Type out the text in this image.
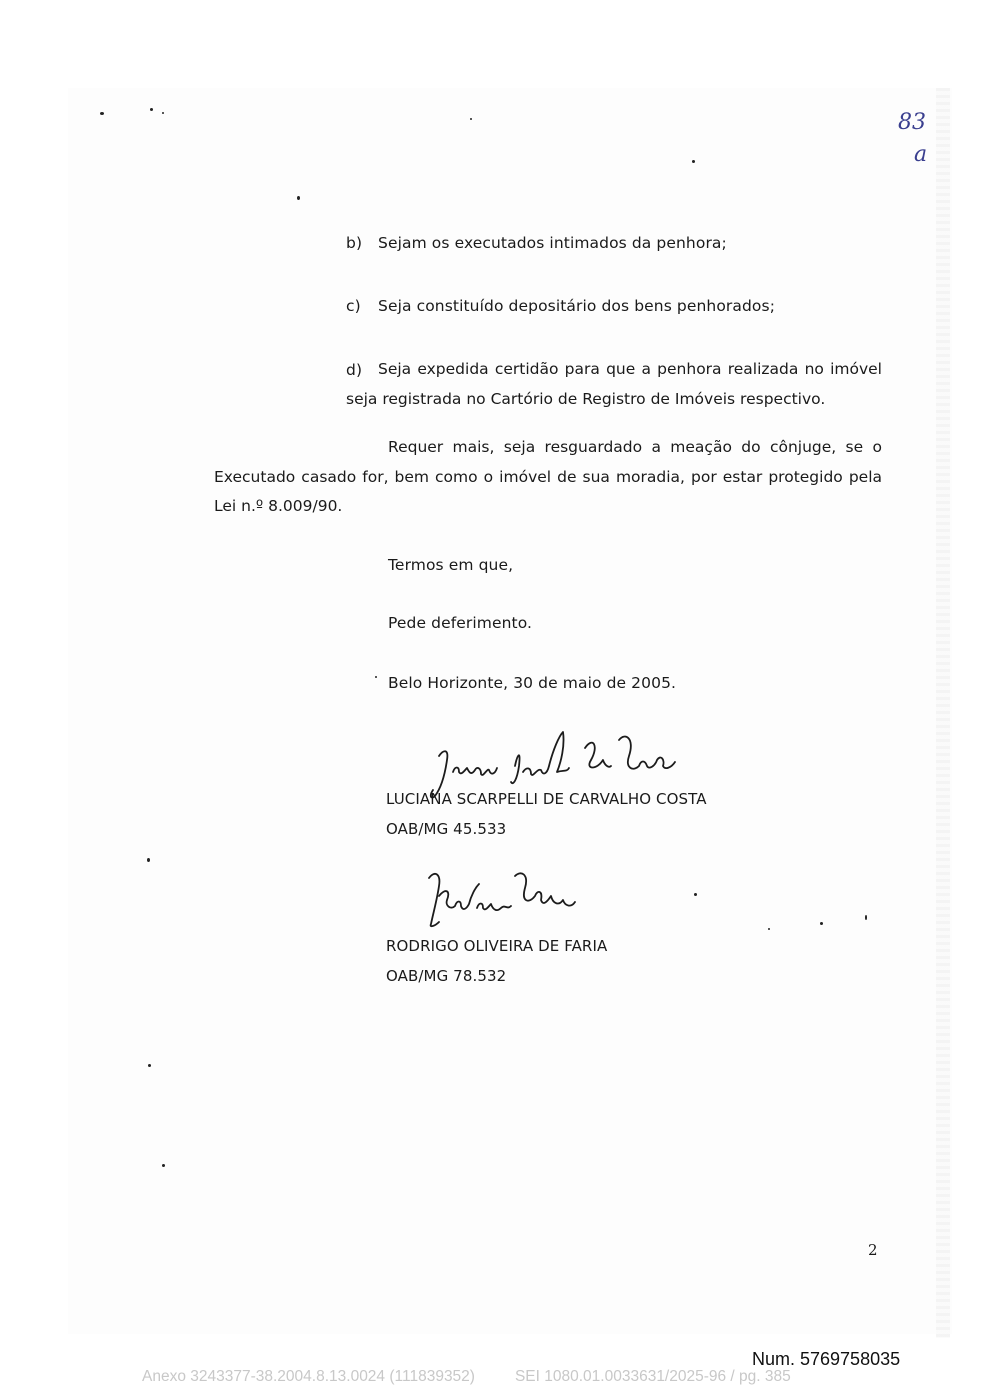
83
a
b) Sejam os executados intimados da penhora;
c) Seja constituído depositário dos bens penhorados;
d)	Seja expedida certidão para que a penhora realizada no imóvel
seja registrada no Cartório de Registro de Imóveis respectivo.
Requer mais, seja resguardado a meação do cônjuge, se o
Executado casado for, bem como o imóvel de sua moradia, por estar protegido pela
Lei n.º 8.009/90.
Termos em que,
Pede deferimento.
Belo Horizonte, 30 de maio de 2005.
LUCIANA SCARPELLI DE CARVALHO COSTA
OAB/MG 45.533
RODRIGO OLIVEIRA DE FARIA
OAB/MG 78.532
2
Num. 5769758035
Anexo 3243377-38.2004.8.13.0024 (111839352)	SEI 1080.01.0033631/2025-96 / pg. 385
